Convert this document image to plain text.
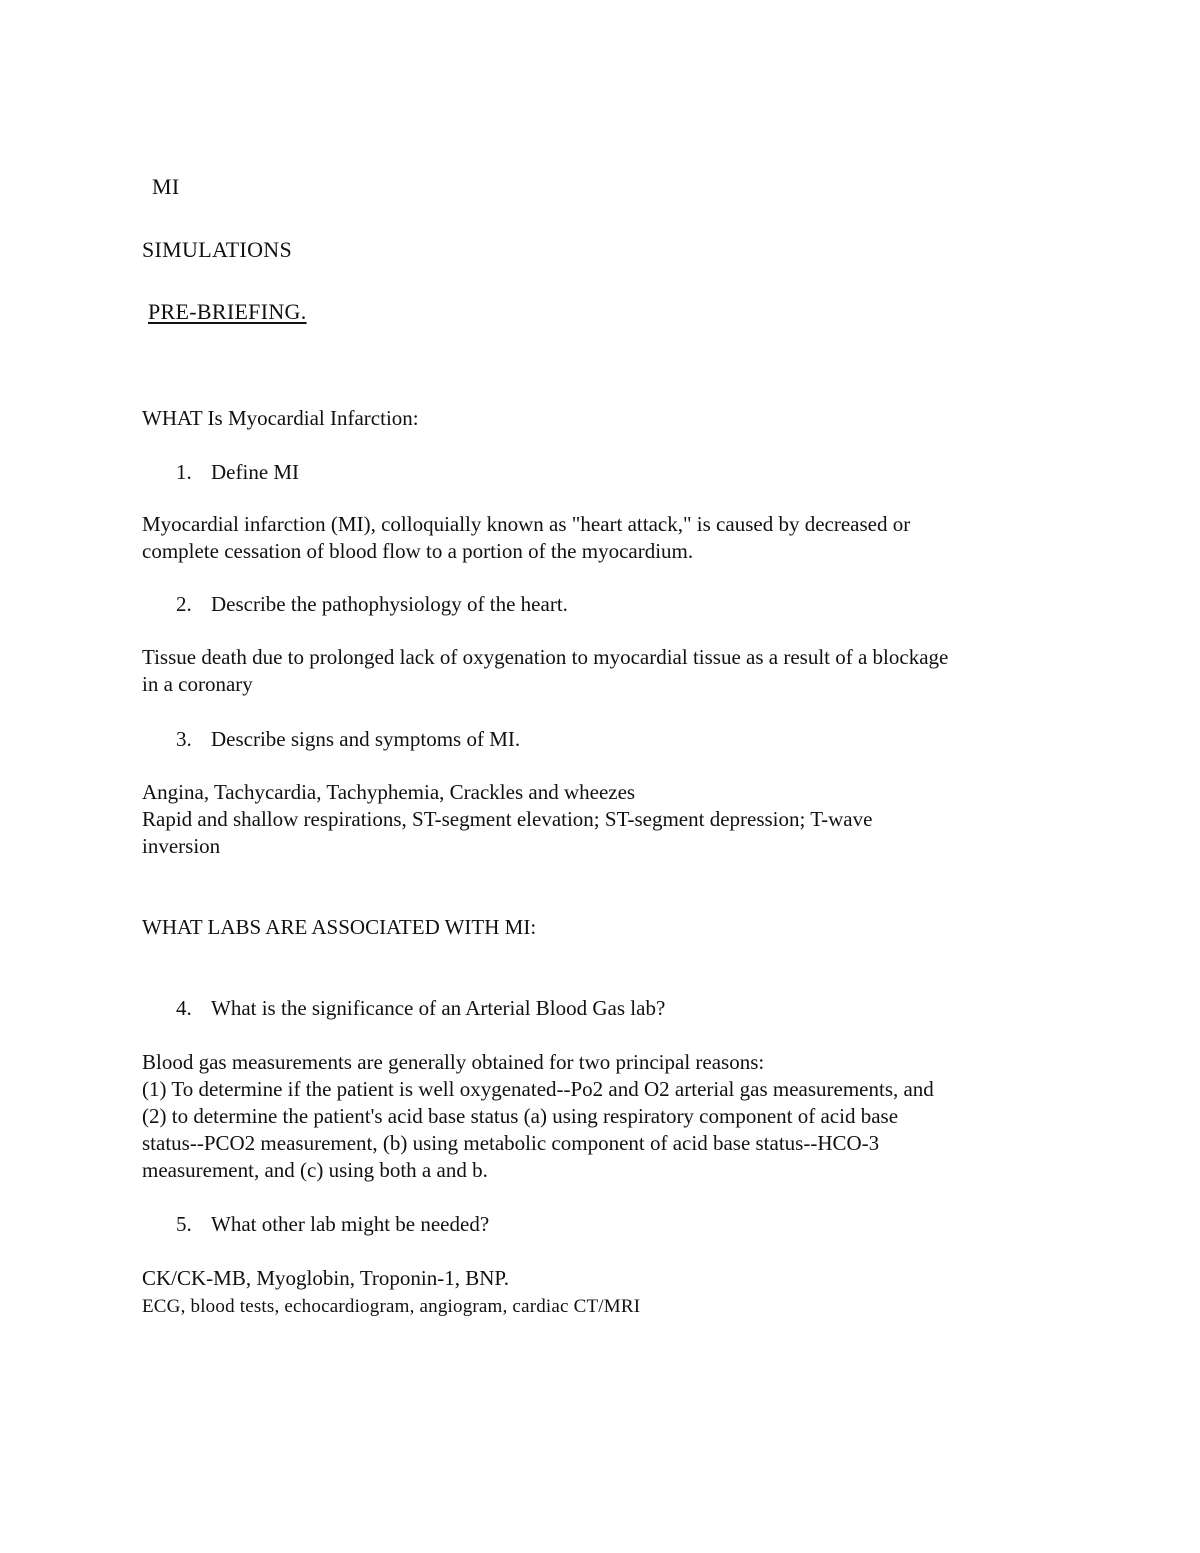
MI
SIMULATIONS
PRE-BRIEFING.
WHAT Is Myocardial Infarction:
1. Define MI
Myocardial infarction (MI), colloquially known as "heart attack," is caused by decreased or
complete cessation of blood flow to a portion of the myocardium.
2. Describe the pathophysiology of the heart.
Tissue death due to prolonged lack of oxygenation to myocardial tissue as a result of a blockage
in a coronary
3. Describe signs and symptoms of MI.
Angina, Tachycardia, Tachyphemia, Crackles and wheezes
Rapid and shallow respirations, ST-segment elevation; ST-segment depression; T-wave
inversion
WHAT LABS ARE ASSOCIATED WITH MI:
4. What is the significance of an Arterial Blood Gas lab?
Blood gas measurements are generally obtained for two principal reasons:
(1) To determine if the patient is well oxygenated--Po2 and O2 arterial gas measurements, and
(2) to determine the patient's acid base status (a) using respiratory component of acid base
status--PCO2 measurement, (b) using metabolic component of acid base status--HCO-3
measurement, and (c) using both a and b.
5. What other lab might be needed?
CK/CK-MB, Myoglobin, Troponin-1, BNP.
ECG, blood tests, echocardiogram, angiogram, cardiac CT/MRI
